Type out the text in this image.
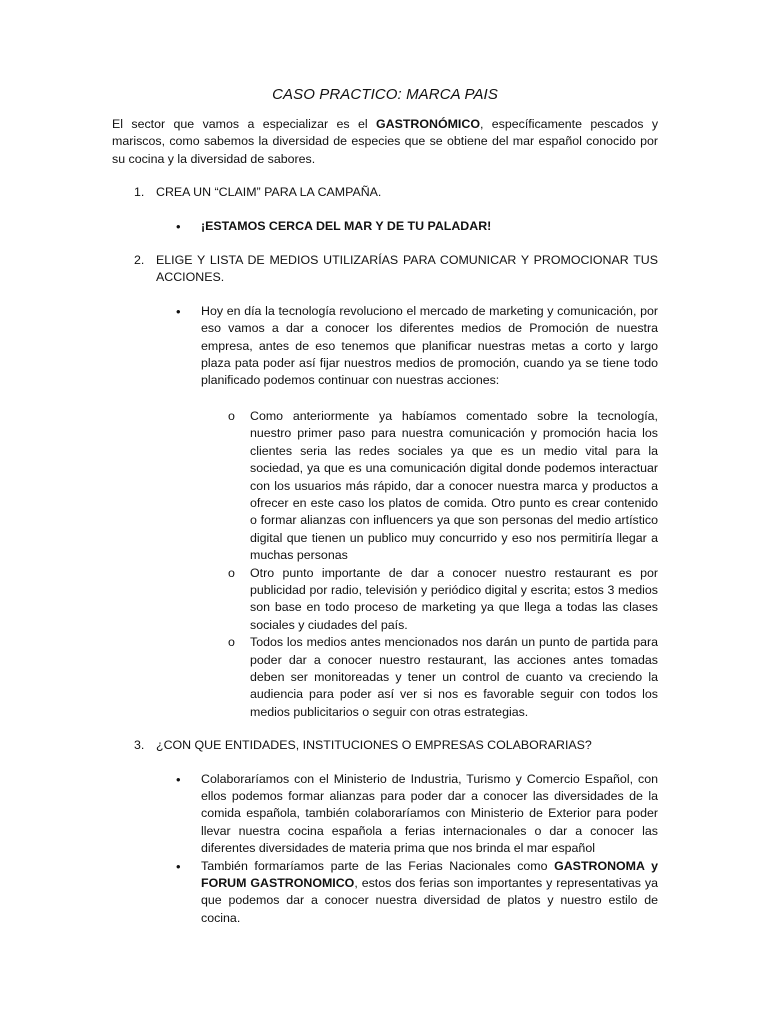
CASO PRACTICO: MARCA PAIS

El sector que vamos a especializar es el GASTRONÓMICO, específicamente pescados y mariscos, como sabemos la diversidad de especies que se obtiene del mar español conocido por su cocina y la diversidad de sabores.

1. CREA UN “CLAIM” PARA LA CAMPAÑA.
•	¡ESTAMOS CERCA DEL MAR Y DE TU PALADAR!
2. ELIGE Y LISTA DE MEDIOS UTILIZARÍAS PARA COMUNICAR Y PROMOCIONAR TUS ACCIONES.
•	Hoy en día la tecnología revoluciono el mercado de marketing y comunicación, por eso vamos a dar a conocer los diferentes medios de Promoción de nuestra empresa, antes de eso tenemos que planificar nuestras metas a corto y largo plaza pata poder así fijar nuestros medios de promoción, cuando ya se tiene todo planificado podemos continuar con nuestras acciones:
o	Como anteriormente ya habíamos comentado sobre la tecnología, nuestro primer paso para nuestra comunicación y promoción hacia los clientes seria las redes sociales ya que es un medio vital para la sociedad, ya que es una comunicación digital donde podemos interactuar con los usuarios más rápido, dar a conocer nuestra marca y productos a ofrecer en este caso los platos de comida. Otro punto es crear contenido o formar alianzas con influencers ya que son personas del medio artístico digital que tienen un publico muy concurrido y eso nos permitiría llegar a muchas personas
o	Otro punto importante de dar a conocer nuestro restaurant es por publicidad por radio, televisión y periódico digital y escrita; estos 3 medios son base en todo proceso de marketing ya que llega a todas las clases sociales y ciudades del país.
o	Todos los medios antes mencionados nos darán un punto de partida para poder dar a conocer nuestro restaurant, las acciones antes tomadas deben ser monitoreadas y tener un control de cuanto va creciendo la audiencia para poder así ver si nos es favorable seguir con todos los medios publicitarios o seguir con otras estrategias.
3. ¿CON QUE ENTIDADES, INSTITUCIONES O EMPRESAS COLABORARIAS?
•	Colaboraríamos con el Ministerio de Industria, Turismo y Comercio Español, con ellos podemos formar alianzas para poder dar a conocer las diversidades de la comida española, también colaboraríamos con Ministerio de Exterior para poder llevar nuestra cocina española a ferias internacionales o dar a conocer las diferentes diversidades de materia prima que nos brinda el mar español
•	También formaríamos parte de las Ferias Nacionales como GASTRONOMA y FORUM GASTRONOMICO, estos dos ferias son importantes y representativas ya que podemos dar a conocer nuestra diversidad de platos y nuestro estilo de cocina.
